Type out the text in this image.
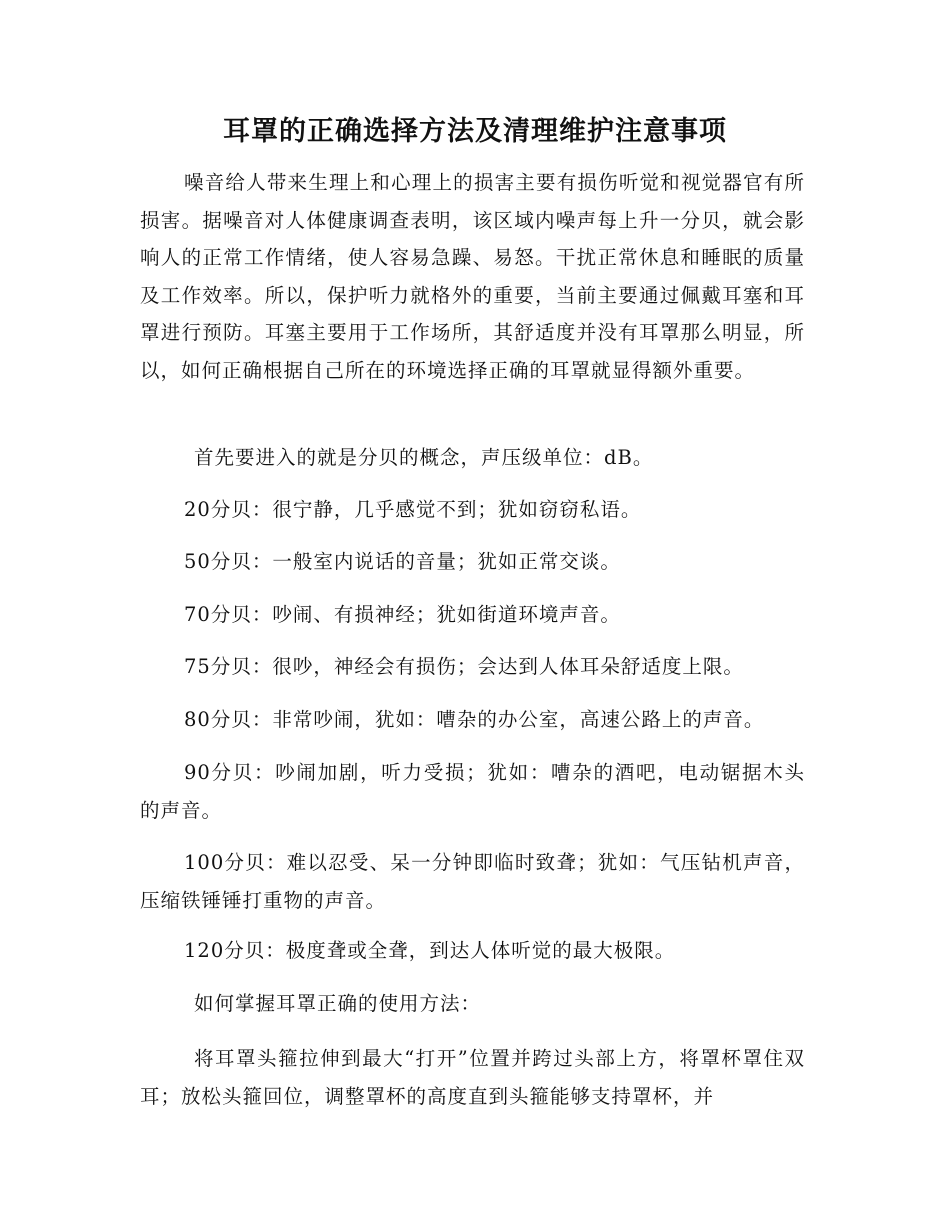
耳罩的正确选择方法及清理维护注意事项
噪音给人带来生理上和心理上的损害主要有损伤听觉和视觉器官有所损害。据噪音对人体健康调查表明，该区域内噪声每上升一分贝，就会影响人的正常工作情绪，使人容易急躁、易怒。干扰正常休息和睡眠的质量及工作效率。所以，保护听力就格外的重要，当前主要通过佩戴耳塞和耳罩进行预防。耳塞主要用于工作场所，其舒适度并没有耳罩那么明显，所以，如何正确根据自己所在的环境选择正确的耳罩就显得额外重要。
首先要进入的就是分贝的概念，声压级单位：dB。
20分贝：很宁静，几乎感觉不到；犹如窃窃私语。
50分贝：一般室内说话的音量；犹如正常交谈。
70分贝：吵闹、有损神经；犹如街道环境声音。
75分贝：很吵，神经会有损伤；会达到人体耳朵舒适度上限。
80分贝：非常吵闹，犹如：嘈杂的办公室，高速公路上的声音。
90分贝：吵闹加剧，听力受损；犹如：嘈杂的酒吧，电动锯据木头的声音。
100分贝：难以忍受、呆一分钟即临时致聋；犹如：气压钻机声音，压缩铁锤锤打重物的声音。
120分贝：极度聋或全聋，到达人体听觉的最大极限。
如何掌握耳罩正确的使用方法：
将耳罩头箍拉伸到最大“打开”位置并跨过头部上方，将罩杯罩住双耳；放松头箍回位，调整罩杯的高度直到头箍能够支持罩杯，并
